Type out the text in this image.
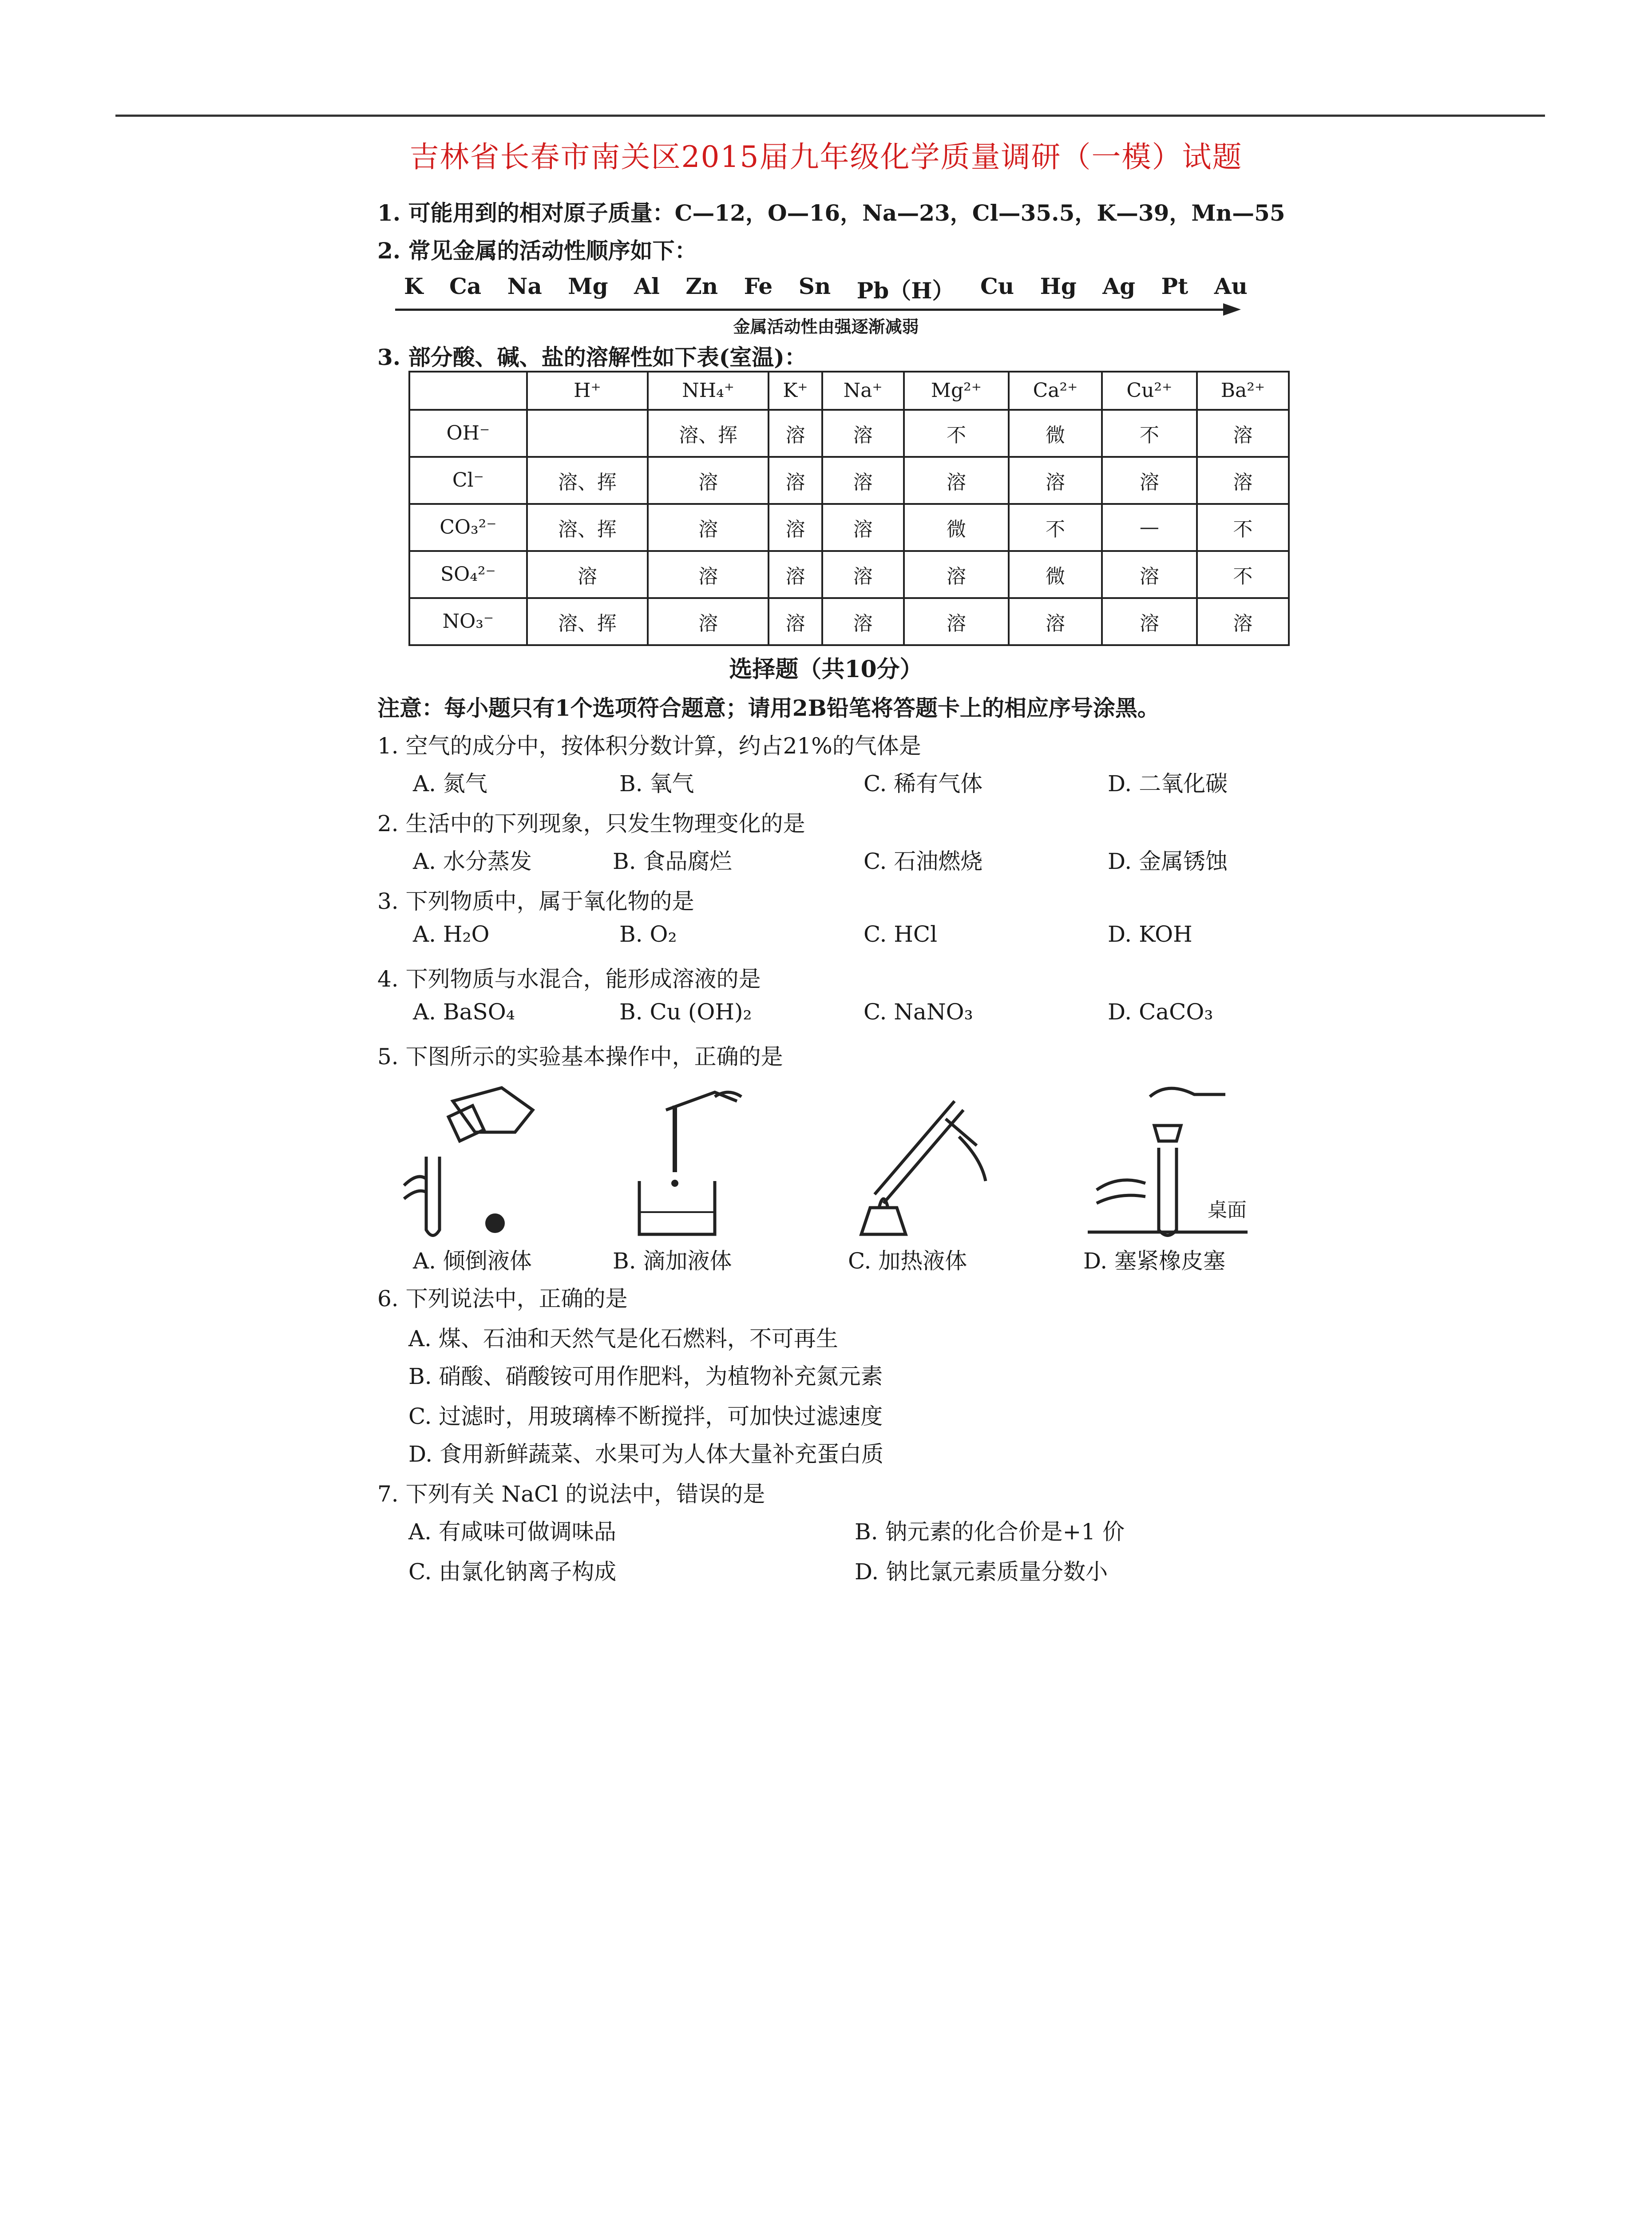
吉林省长春市南关区2015届九年级化学质量调研（一模）试题
1. 可能用到的相对原子质量：C—12，O—16，Na—23，Cl—35.5，K—39，Mn—55
2. 常见金属的活动性顺序如下：
K Ca Na Mg Al Zn Fe Sn Pb（H） Cu Hg Ag Pt Au
金属活动性由强逐渐减弱
3. 部分酸、碱、盐的溶解性如下表(室温)：
	H⁺	NH₄⁺	K⁺	Na⁺	Mg²⁺	Ca²⁺	Cu²⁺	Ba²⁺
OH⁻		溶、挥	溶	溶	不	微	不	溶
Cl⁻	溶、挥	溶	溶	溶	溶	溶	溶	溶
CO₃²⁻	溶、挥	溶	溶	溶	微	不	—	不
SO₄²⁻	溶	溶	溶	溶	溶	微	溶	不
NO₃⁻	溶、挥	溶	溶	溶	溶	溶	溶	溶
选择题（共10分）
注意：每小题只有1个选项符合题意；请用2B铅笔将答题卡上的相应序号涂黑。
1. 空气的成分中，按体积分数计算，约占21%的气体是
A. 氮气	B. 氧气	C. 稀有气体	D. 二氧化碳
2. 生活中的下列现象，只发生物理变化的是
A. 水分蒸发	B. 食品腐烂	C. 石油燃烧	D. 金属锈蚀
3. 下列物质中，属于氧化物的是
A. H₂O	B. O₂	C. HCl	D. KOH
4. 下列物质与水混合，能形成溶液的是
A. BaSO₄	B. Cu (OH)₂	C. NaNO₃	D. CaCO₃
5. 下图所示的实验基本操作中，正确的是
桌面
A. 倾倒液体	B. 滴加液体	C. 加热液体	D. 塞紧橡皮塞
6. 下列说法中，正确的是
A. 煤、石油和天然气是化石燃料，不可再生
B. 硝酸、硝酸铵可用作肥料，为植物补充氮元素
C. 过滤时，用玻璃棒不断搅拌，可加快过滤速度
D. 食用新鲜蔬菜、水果可为人体大量补充蛋白质
7. 下列有关 NaCl 的说法中，错误的是
A. 有咸味可做调味品	B. 钠元素的化合价是+1 价
C. 由氯化钠离子构成	D. 钠比氯元素质量分数小
